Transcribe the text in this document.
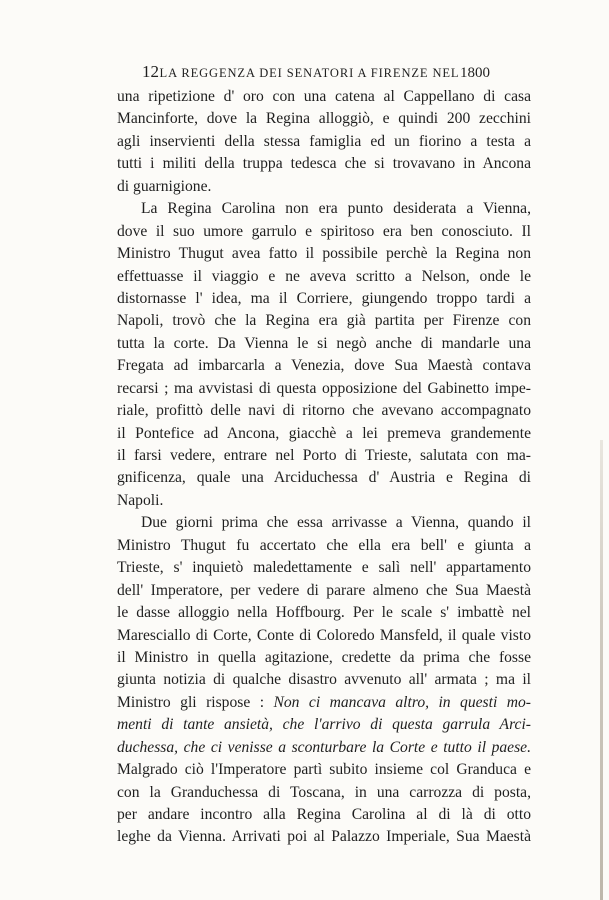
12 LA REGGENZA DEI SENATORI A FIRENZE NEL 1800
una ripetizione d' oro con una catena al Cappellano di casa
Mancinforte, dove la Regina alloggiò, e quindi 200 zecchini
agli inservienti della stessa famiglia ed un fiorino a testa a
tutti i militi della truppa tedesca che si trovavano in Ancona
di guarnigione.
La Regina Carolina non era punto desiderata a Vienna,
dove il suo umore garrulo e spiritoso era ben conosciuto. Il
Ministro Thugut avea fatto il possibile perchè la Regina non
effettuasse il viaggio e ne aveva scritto a Nelson, onde le
distornasse l' idea, ma il Corriere, giungendo troppo tardi a
Napoli, trovò che la Regina era già partita per Firenze con
tutta la corte. Da Vienna le si negò anche di mandarle una
Fregata ad imbarcarla a Venezia, dove Sua Maestà contava
recarsi ; ma avvistasi di questa opposizione del Gabinetto impe-
riale, profittò delle navi di ritorno che avevano accompagnato
il Pontefice ad Ancona, giacchè a lei premeva grandemente
il farsi vedere, entrare nel Porto di Trieste, salutata con ma-
gnificenza, quale una Arciduchessa d' Austria e Regina di
Napoli.
Due giorni prima che essa arrivasse a Vienna, quando il
Ministro Thugut fu accertato che ella era bell' e giunta a
Trieste, s' inquietò maledettamente e salì nell' appartamento
dell' Imperatore, per vedere di parare almeno che Sua Maestà
le dasse alloggio nella Hoffbourg. Per le scale s' imbattè nel
Maresciallo di Corte, Conte di Coloredo Mansfeld, il quale visto
il Ministro in quella agitazione, credette da prima che fosse
giunta notizia di qualche disastro avvenuto all' armata ; ma il
Ministro gli rispose : Non ci mancava altro, in questi mo-
menti di tante ansietà, che l'arrivo di questa garrula Arci-
duchessa, che ci venisse a sconturbare la Corte e tutto il paese.
Malgrado ciò l'Imperatore partì subito insieme col Granduca e
con la Granduchessa di Toscana, in una carrozza di posta,
per andare incontro alla Regina Carolina al di là di otto
leghe da Vienna. Arrivati poi al Palazzo Imperiale, Sua Maestà
